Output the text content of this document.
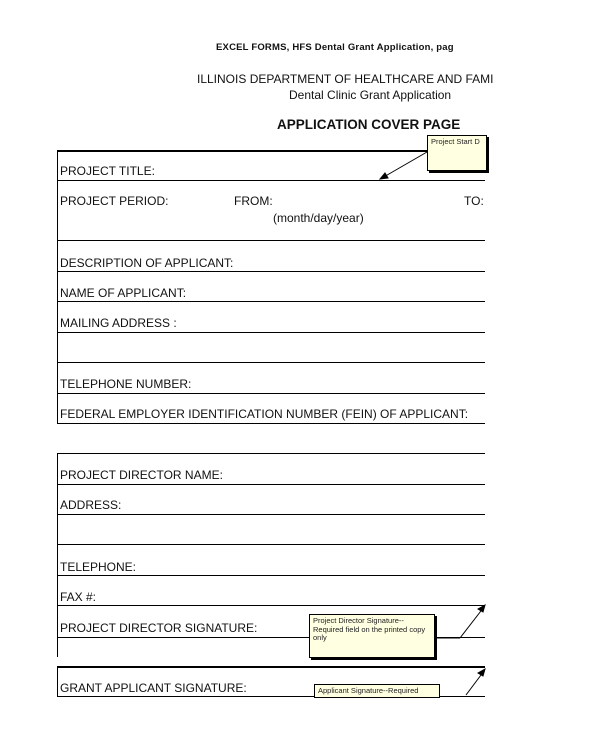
EXCEL FORMS, HFS Dental Grant Application, pag
ILLINOIS DEPARTMENT OF HEALTHCARE AND FAMI
Dental Clinic Grant Application
APPLICATION COVER PAGE
PROJECT TITLE:
PROJECT PERIOD:	FROM:	TO:
(month/day/year)
DESCRIPTION OF APPLICANT:
NAME OF APPLICANT:
MAILING ADDRESS :
TELEPHONE NUMBER:
FEDERAL EMPLOYER IDENTIFICATION NUMBER (FEIN) OF APPLICANT:
PROJECT DIRECTOR NAME:
ADDRESS:
TELEPHONE:
FAX #:
PROJECT DIRECTOR SIGNATURE:
GRANT APPLICANT SIGNATURE:
Project Start D
Project Director Signature--Required field on the printed copy only
Applicant Signature--Required
